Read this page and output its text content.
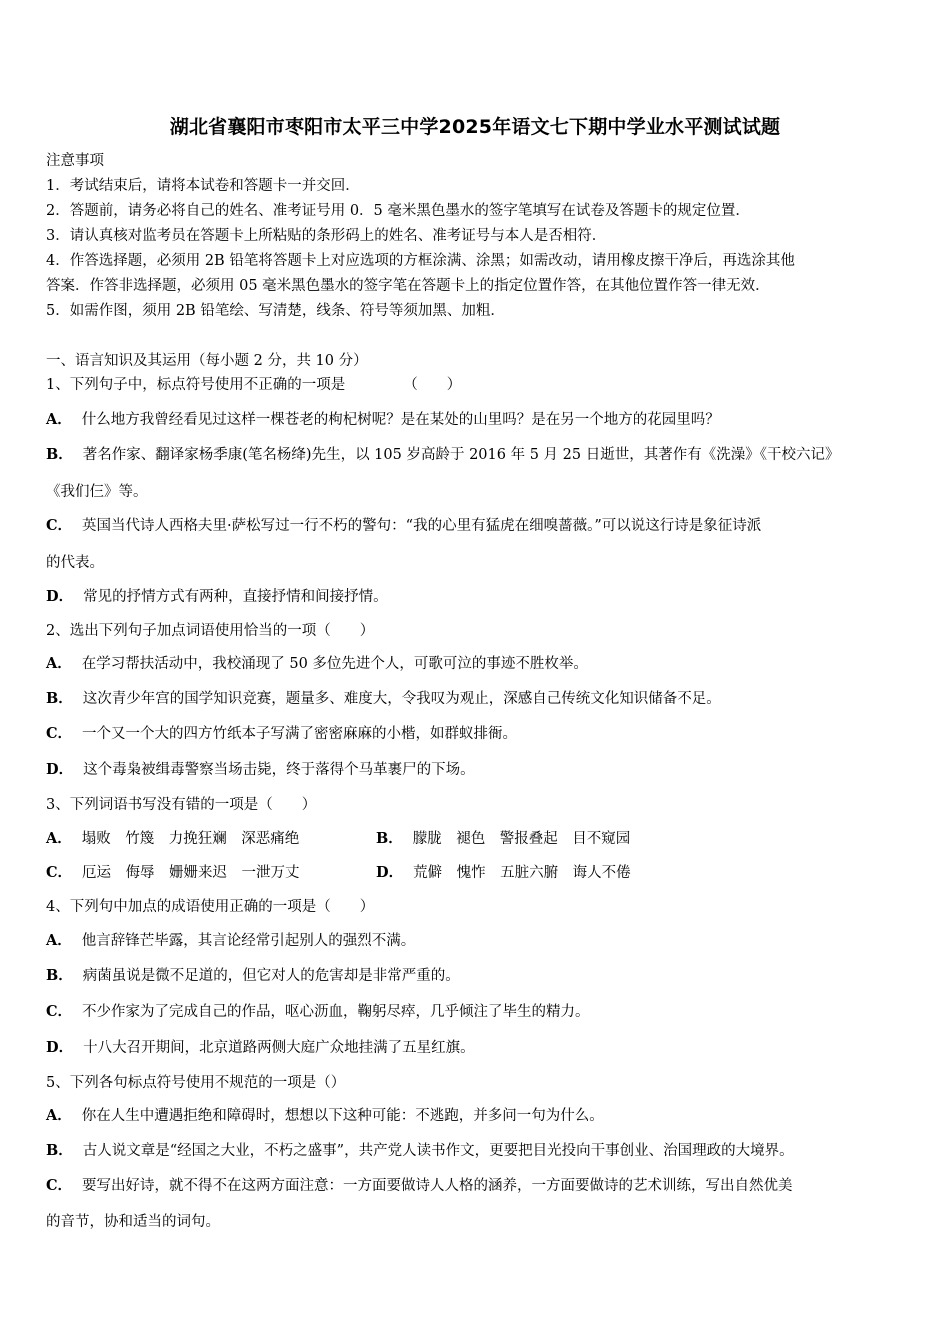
湖北省襄阳市枣阳市太平三中学2025年语文七下期中学业水平测试试题
注意事项
1．考试结束后，请将本试卷和答题卡一并交回．
2．答题前，请务必将自己的姓名、准考证号用 0．5 毫米黑色墨水的签字笔填写在试卷及答题卡的规定位置．
3．请认真核对监考员在答题卡上所粘贴的条形码上的姓名、准考证号与本人是否相符．
4．作答选择题，必须用 2B 铅笔将答题卡上对应选项的方框涂满、涂黑；如需改动，请用橡皮擦干净后，再选涂其他
答案．作答非选择题，必须用 05 毫米黑色墨水的签字笔在答题卡上的指定位置作答，在其他位置作答一律无效．
5．如需作图，须用 2B 铅笔绘、写清楚，线条、符号等须加黑、加粗．
一、语言知识及其运用（每小题 2 分，共 10 分）
1、下列句子中，标点符号使用不正确的一项是	（　　）
A． 什么地方我曾经看见过这样一棵苍老的枸杞树呢？是在某处的山里吗？是在另一个地方的花园里吗？
B． 著名作家、翻译家杨季康(笔名杨绛)先生，以 105 岁高龄于 2016 年 5 月 25 日逝世，其著作有《洗澡》《干校六记》
《我们仨》等。
C． 英国当代诗人西格夫里·萨松写过一行不朽的警句：“我的心里有猛虎在细嗅蔷薇。”可以说这行诗是象征诗派
的代表。
D． 常见的抒情方式有两种，直接抒情和间接抒情。
2、选出下列句子加点词语使用恰当的一项（　　）
A． 在学习帮扶活动中，我校涌现了 50 多位先进个人，可歌可泣的事迹不胜枚举。
B． 这次青少年宫的国学知识竞赛，题量多、难度大，令我叹为观止，深感自己传统文化知识储备不足。
C． 一个又一个大的四方竹纸本子写满了密密麻麻的小楷，如群蚁排衙。
D． 这个毒枭被缉毒警察当场击毙，终于落得个马革裹尸的下场。
3、下列词语书写没有错的一项是（　　）
A． 塌败　竹篾　力挽狂斓　深恶痛绝	B． 朦胧　褪色　警报叠起　目不窥园
C． 厄运　侮辱　姗姗来迟　一泄万丈	D． 荒僻　愧怍　五脏六腑　诲人不倦
4、下列句中加点的成语使用正确的一项是（　　）
A． 他言辞锋芒毕露，其言论经常引起别人的强烈不满。
B． 病菌虽说是微不足道的，但它对人的危害却是非常严重的。
C． 不少作家为了完成自己的作品，呕心沥血，鞠躬尽瘁，几乎倾注了毕生的精力。
D． 十八大召开期间，北京道路两侧大庭广众地挂满了五星红旗。
5、下列各句标点符号使用不规范的一项是（）
A． 你在人生中遭遇拒绝和障碍时，想想以下这种可能：不逃跑，并多问一句为什么。
B． 古人说文章是“经国之大业，不朽之盛事”，共产党人读书作文，更要把目光投向干事创业、治国理政的大境界。
C． 要写出好诗，就不得不在这两方面注意：一方面要做诗人人格的涵养，一方面要做诗的艺术训练，写出自然优美
的音节，协和适当的词句。
